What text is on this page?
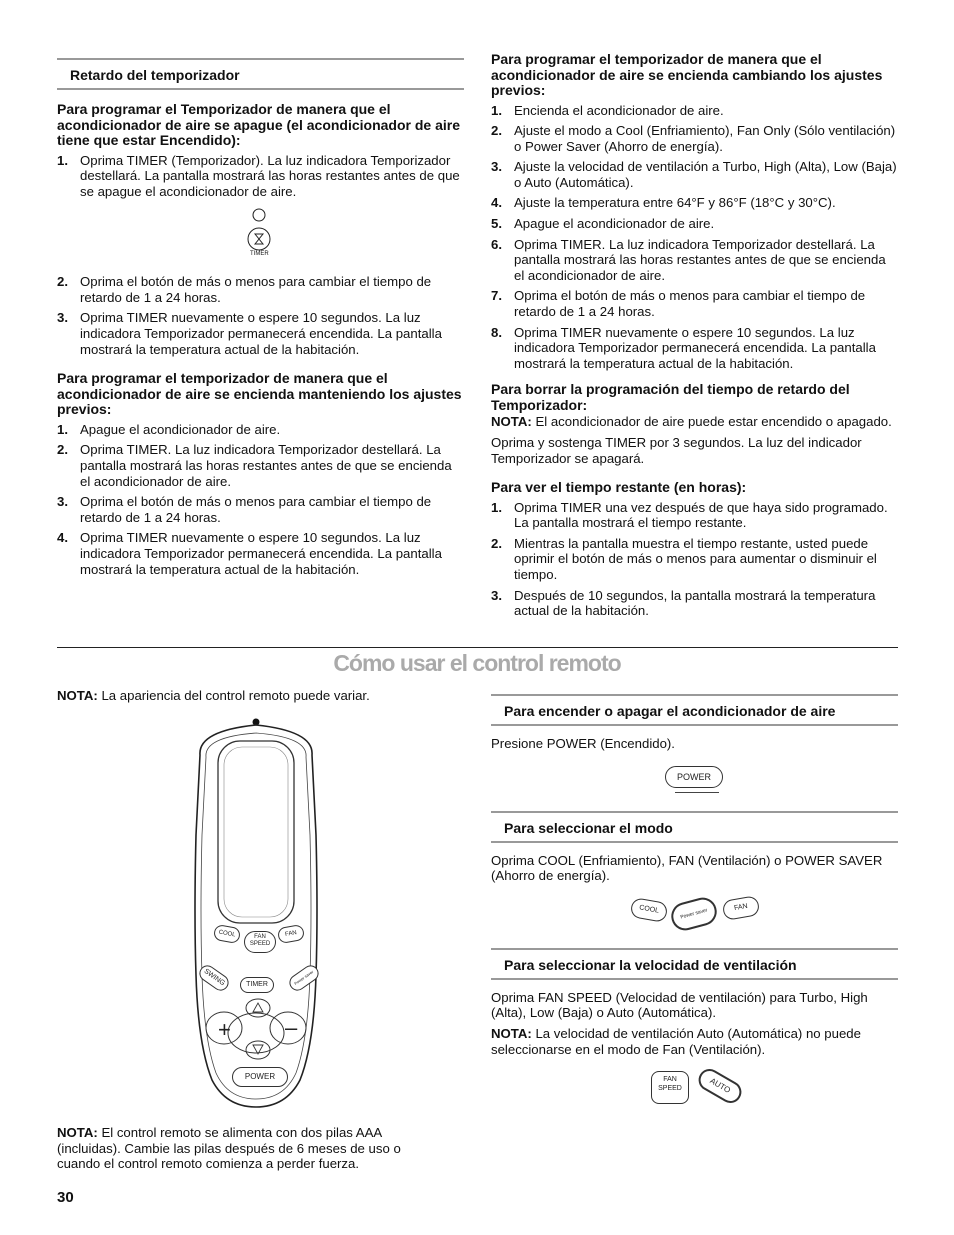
Retardo del temporizador
Para programar el Temporizador de manera que el acondicionador de aire se apague (el acondicionador de aire tiene que estar Encendido):
1. Oprima TIMER (Temporizador). La luz indicadora Temporizador destellará. La pantalla mostrará las horas restantes antes de que se apague el acondicionador de aire.
TIMER
2. Oprima el botón de más o menos para cambiar el tiempo de retardo de 1 a 24 horas.
3. Oprima TIMER nuevamente o espere 10 segundos. La luz indicadora Temporizador permanecerá encendida. La pantalla mostrará la temperatura actual de la habitación.
Para programar el temporizador de manera que el acondicionador de aire se encienda manteniendo los ajustes previos:
1. Apague el acondicionador de aire.
2. Oprima TIMER. La luz indicadora Temporizador destellará. La pantalla mostrará las horas restantes antes de que se encienda el acondicionador de aire.
3. Oprima el botón de más o menos para cambiar el tiempo de retardo de 1 a 24 horas.
4. Oprima TIMER nuevamente o espere 10 segundos. La luz indicadora Temporizador permanecerá encendida. La pantalla mostrará la temperatura actual de la habitación.
Para programar el temporizador de manera que el acondicionador de aire se encienda cambiando los ajustes previos:
1. Encienda el acondicionador de aire.
2. Ajuste el modo a Cool (Enfriamiento), Fan Only (Sólo ventilación) o Power Saver (Ahorro de energía).
3. Ajuste la velocidad de ventilación a Turbo, High (Alta), Low (Baja) o Auto (Automática).
4. Ajuste la temperatura entre 64°F y 86°F (18°C y 30°C).
5. Apague el acondicionador de aire.
6. Oprima TIMER. La luz indicadora Temporizador destellará. La pantalla mostrará las horas restantes antes de que se encienda el acondicionador de aire.
7. Oprima el botón de más o menos para cambiar el tiempo de retardo de 1 a 24 horas.
8. Oprima TIMER nuevamente o espere 10 segundos. La luz indicadora Temporizador permanecerá encendida. La pantalla mostrará la temperatura actual de la habitación.
Para borrar la programación del tiempo de retardo del Temporizador:

NOTA: El acondicionador de aire puede estar encendido o apagado.

Oprima y sostenga TIMER por 3 segundos. La luz del indicador Temporizador se apagará.

Para ver el tiempo restante (en horas):
1. Oprima TIMER una vez después de que haya sido programado. La pantalla mostrará el tiempo restante.
2. Mientras la pantalla muestra el tiempo restante, usted puede oprimir el botón de más o menos para aumentar o disminuir el tiempo.
3. Después de 10 segundos, la pantalla mostrará la temperatura actual de la habitación.
Cómo usar el control remoto

NOTA: La apariencia del control remoto puede variar.

+ –
COOL	FAN
SPEED
FAN
SWING	TIMER	Power saver
POWER

NOTA: El control remoto se alimenta con dos pilas AAA (incluidas). Cambie las pilas después de 6 meses de uso o cuando el control remoto comienza a perder fuerza.

Para encender o apagar el acondicionador de aire

Presione POWER (Encendido).

POWER
Para seleccionar el modo

Oprima COOL (Enfriamiento), FAN (Ventilación) o POWER SAVER (Ahorro de energía).

COOL	Power saver	FAN
Para seleccionar la velocidad de ventilación

Oprima FAN SPEED (Velocidad de ventilación) para Turbo, High (Alta), Low (Baja) o Auto (Automática).

NOTA: La velocidad de ventilación Auto (Automática) no puede seleccionarse en el modo de Fan (Ventilación).

FAN
SPEED	AUTO
30
